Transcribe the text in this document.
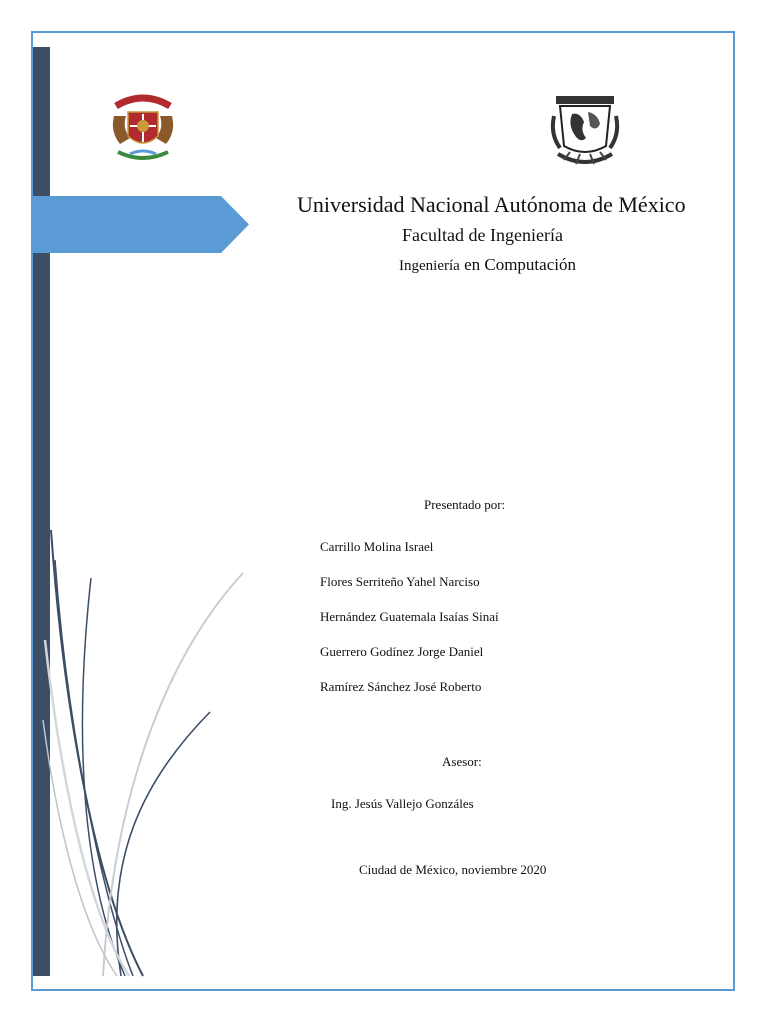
Universidad Nacional Autónoma de México
Facultad de Ingeniería
Ingeniería en Computación
Presentado por:
Carrillo Molina Israel
Flores Serriteño Yahel Narciso
Hernández Guatemala Isaías Sinaí
Guerrero Godínez Jorge Daniel
Ramírez Sánchez José Roberto
Asesor:
Ing. Jesús Vallejo Gonzáles
Ciudad de México, noviembre 2020
